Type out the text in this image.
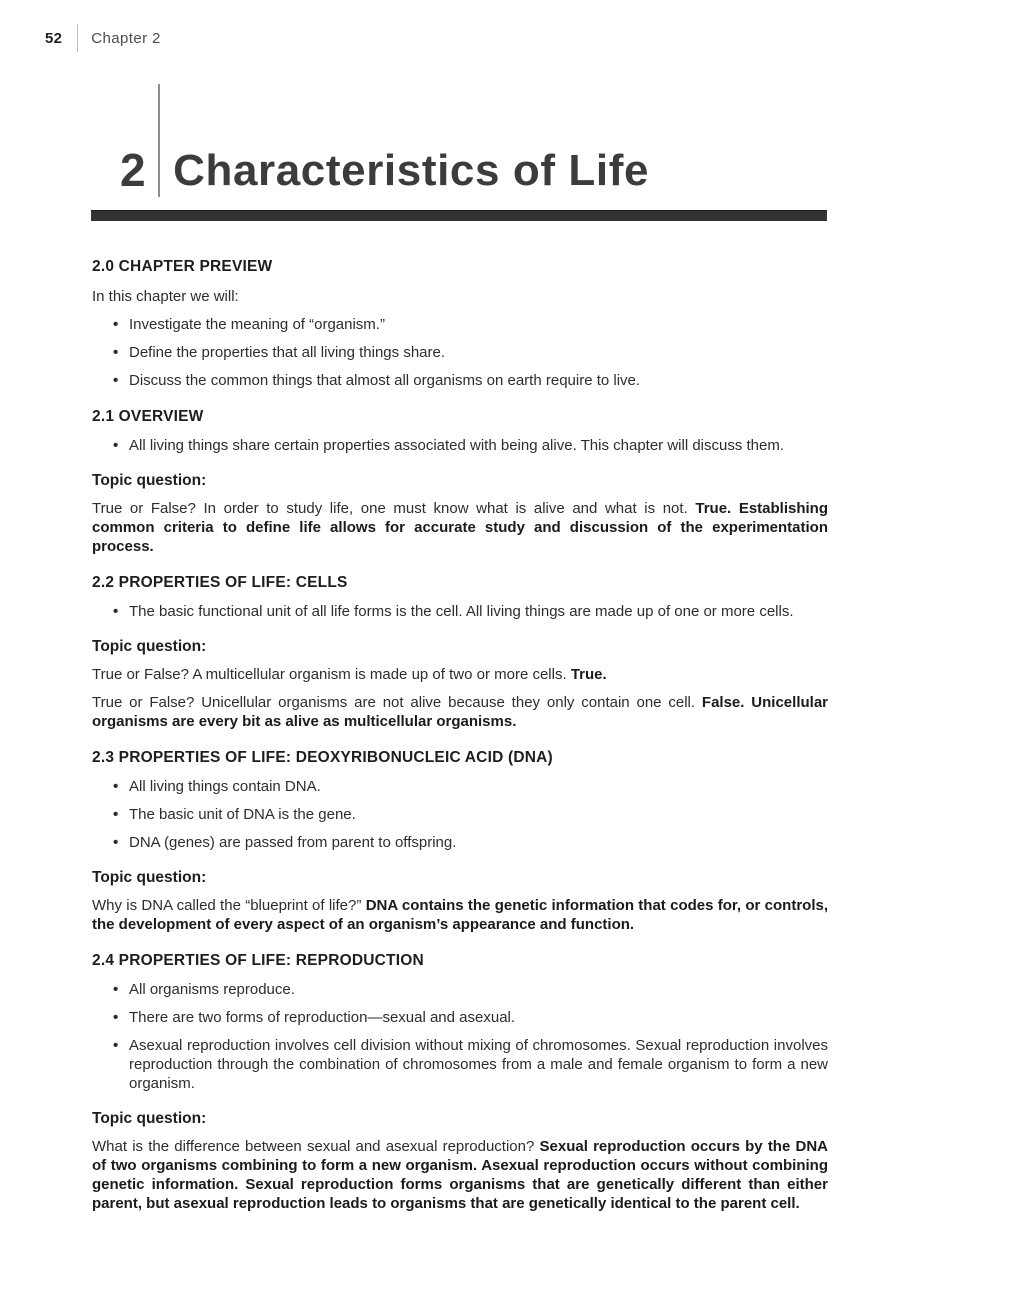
52 Chapter 2
2 Characteristics of Life
2.0 CHAPTER PREVIEW
In this chapter we will:
• Investigate the meaning of “organism.”
• Define the properties that all living things share.
• Discuss the common things that almost all organisms on earth require to live.
2.1 OVERVIEW
• All living things share certain properties associated with being alive. This chapter will discuss them.
Topic question:

True or False? In order to study life, one must know what is alive and what is not. True. Establishing common criteria to define life allows for accurate study and discussion of the experimentation process.

2.2 PROPERTIES OF LIFE: CELLS
• The basic functional unit of all life forms is the cell. All living things are made up of one or more cells.
Topic question:

True or False? A multicellular organism is made up of two or more cells. True.

True or False? Unicellular organisms are not alive because they only contain one cell. False. Unicellular organisms are every bit as alive as multicellular organisms.

2.3 PROPERTIES OF LIFE: DEOXYRIBONUCLEIC ACID (DNA)
• All living things contain DNA.
• The basic unit of DNA is the gene.
• DNA (genes) are passed from parent to offspring.
Topic question:

Why is DNA called the “blueprint of life?” DNA contains the genetic information that codes for, or controls, the development of every aspect of an organism’s appearance and function.

2.4 PROPERTIES OF LIFE: REPRODUCTION
• All organisms reproduce.
• There are two forms of reproduction—sexual and asexual.
• Asexual reproduction involves cell division without mixing of chromosomes. Sexual reproduction involves reproduction through the combination of chromosomes from a male and female organism to form a new organism.
Topic question:

What is the difference between sexual and asexual reproduction? Sexual reproduction occurs by the DNA of two organisms combining to form a new organism. Asexual reproduction occurs without combining genetic information. Sexual reproduction forms organisms that are genetically different than either parent, but asexual reproduction leads to organisms that are genetically identical to the parent cell.
